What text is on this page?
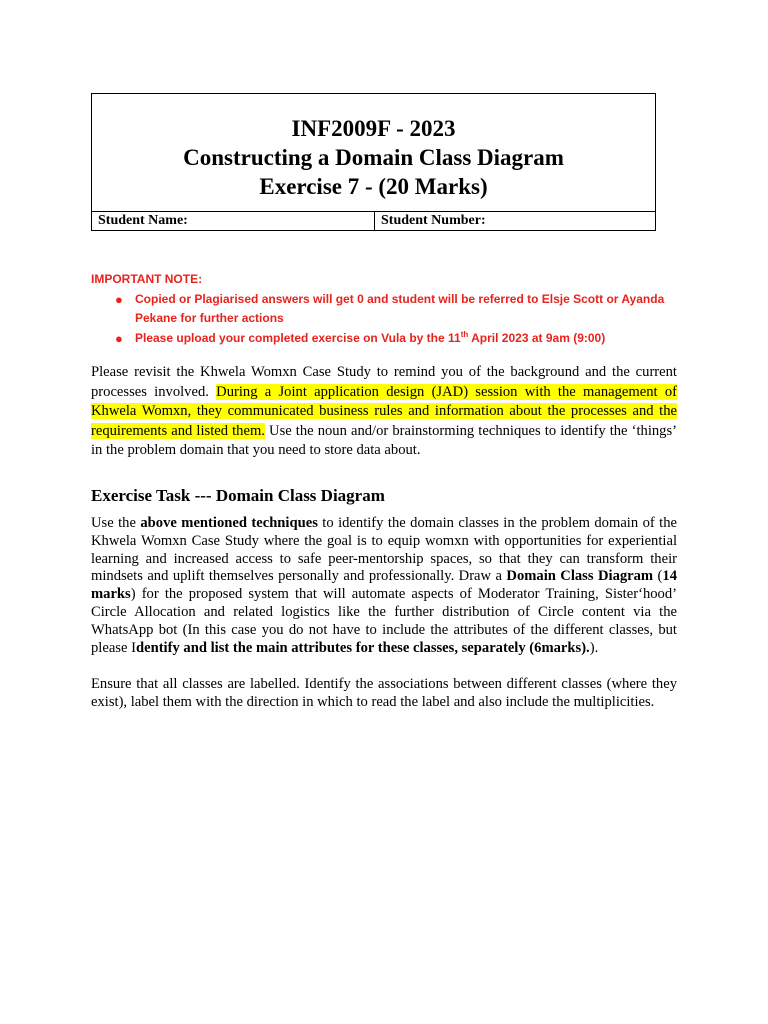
INF2009F - 2023
Constructing a Domain Class Diagram
Exercise 7 - (20 Marks)
Student Name:	Student Number:
IMPORTANT NOTE:
● Copied or Plagiarised answers will get 0 and student will be referred to Elsje Scott or Ayanda Pekane for further actions
● Please upload your completed exercise on Vula by the 11th April 2023 at 9am (9:00)
Please revisit the Khwela Womxn Case Study to remind you of the background and the current processes involved. During a Joint application design (JAD) session with the management of Khwela Womxn, they communicated business rules and information about the processes and the requirements and listed them. Use the noun and/or brainstorming techniques to identify the ‘things’ in the problem domain that you need to store data about.
Exercise Task --- Domain Class Diagram
Use the above mentioned techniques to identify the domain classes in the problem domain of the Khwela Womxn Case Study where the goal is to equip womxn with opportunities for experiential learning and increased access to safe peer-mentorship spaces, so that they can transform their mindsets and uplift themselves personally and professionally. Draw a Domain Class Diagram (14 marks) for the proposed system that will automate aspects of Moderator Training, Sister‘hood’ Circle Allocation and related logistics like the further distribution of Circle content via the WhatsApp bot (In this case you do not have to include the attributes of the different classes, but please Identify and list the main attributes for these classes, separately (6marks).).
Ensure that all classes are labelled. Identify the associations between different classes (where they exist), label them with the direction in which to read the label and also include the multiplicities.
